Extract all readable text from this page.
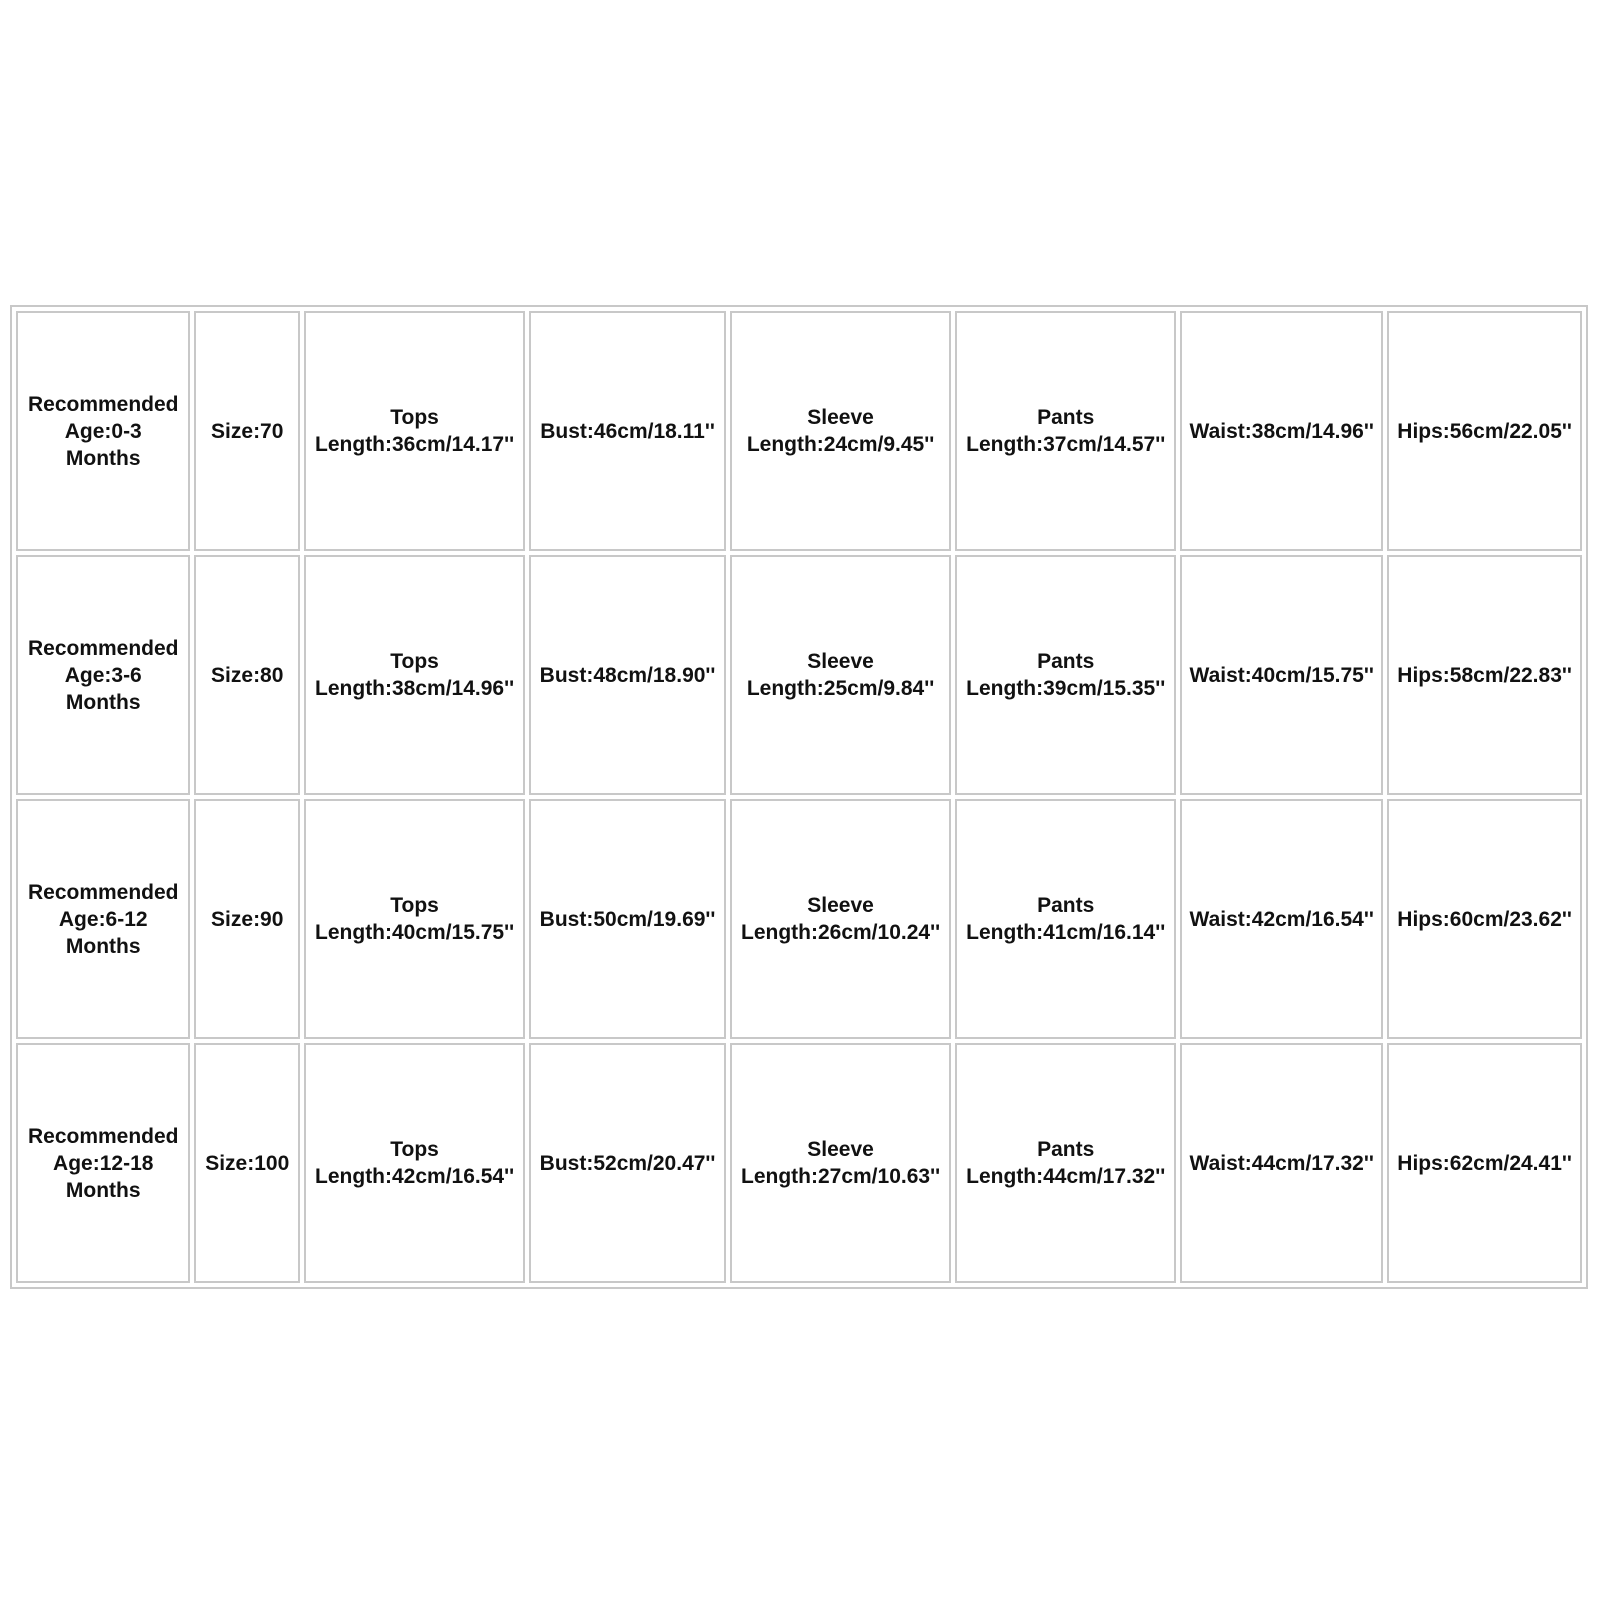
Recommended
Age:0-3
Months	Size:70	Tops
Length:36cm/14.17''	Bust:46cm/18.11''	Sleeve
Length:24cm/9.45''	Pants
Length:37cm/14.57''	Waist:38cm/14.96''	Hips:56cm/22.05''

Recommended
Age:3-6
Months	Size:80	Tops
Length:38cm/14.96''	Bust:48cm/18.90''	Sleeve
Length:25cm/9.84''	Pants
Length:39cm/15.35''	Waist:40cm/15.75''	Hips:58cm/22.83''

Recommended
Age:6-12
Months	Size:90	Tops
Length:40cm/15.75''	Bust:50cm/19.69''	Sleeve
Length:26cm/10.24''	Pants
Length:41cm/16.14''	Waist:42cm/16.54''	Hips:60cm/23.62''

Recommended
Age:12-18
Months	Size:100	Tops
Length:42cm/16.54''	Bust:52cm/20.47''	Sleeve
Length:27cm/10.63''	Pants
Length:44cm/17.32''	Waist:44cm/17.32''	Hips:62cm/24.41''
